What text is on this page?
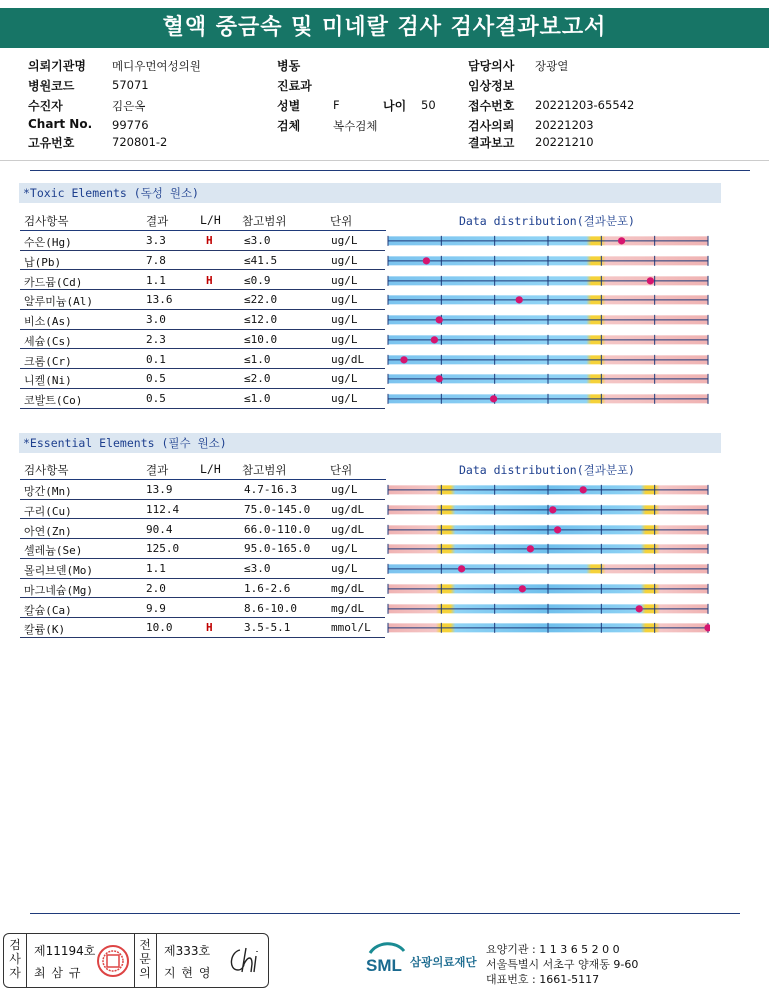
혈액 중금속 및 미네랄 검사 검사결과보고서
의뢰기관명 메디우먼여성의원
병원코드	57071
수진자	김은옥
Chart No. 99776
고유번호	720801-2
병동
진료과
성별	F	나이 50
검체	복수검체
담당의사 장광열
임상정보
접수번호 20221203-65542
검사의뢰 20221203
결과보고 20221210
*Toxic Elements (독성 원소)
검사항목	결과	L/H 참고범위	단위	Data distribution(결과분포)
수은(Hg)	3.3	H	≤3.0	ug/L
납(Pb)	7.8	≤41.5	ug/L
카드뮴(Cd)	1.1	H	≤0.9	ug/L
알루미늄(Al)	13.6	≤22.0	ug/L
비소(As)	3.0	≤12.0	ug/L
세슘(Cs)	2.3	≤10.0	ug/L
크롬(Cr)	0.1	≤1.0	ug/dL
니켈(Ni)	0.5	≤2.0	ug/L
코발트(Co)	0.5	≤1.0	ug/L
*Essential Elements (필수 원소)
검사항목	결과	L/H 참고범위	단위	Data distribution(결과분포)
망간(Mn)	13.9	4.7-16.3	ug/L
구리(Cu)	112.4	75.0-145.0 ug/dL
아연(Zn)	90.4	66.0-110.0 ug/dL
셀레늄(Se)	125.0	95.0-165.0 ug/L
몰리브덴(Mo)	1.1	≤3.0	ug/L
마그네슘(Mg)	2.0	1.6-2.6	mg/dL
칼슘(Ca)	9.9	8.6-10.0	mg/dL
칼륨(K)	10.0	H	3.5-5.1	mmol/L
검
사
자
제11194호
최 삼 규
전
문
의
제333호
지 현 영	SML 삼광의료재단
요양기관 : 1 1 3 6 5 2 0 0
서울특별시 서초구 양재동 9-60
대표번호 : 1661-5117
